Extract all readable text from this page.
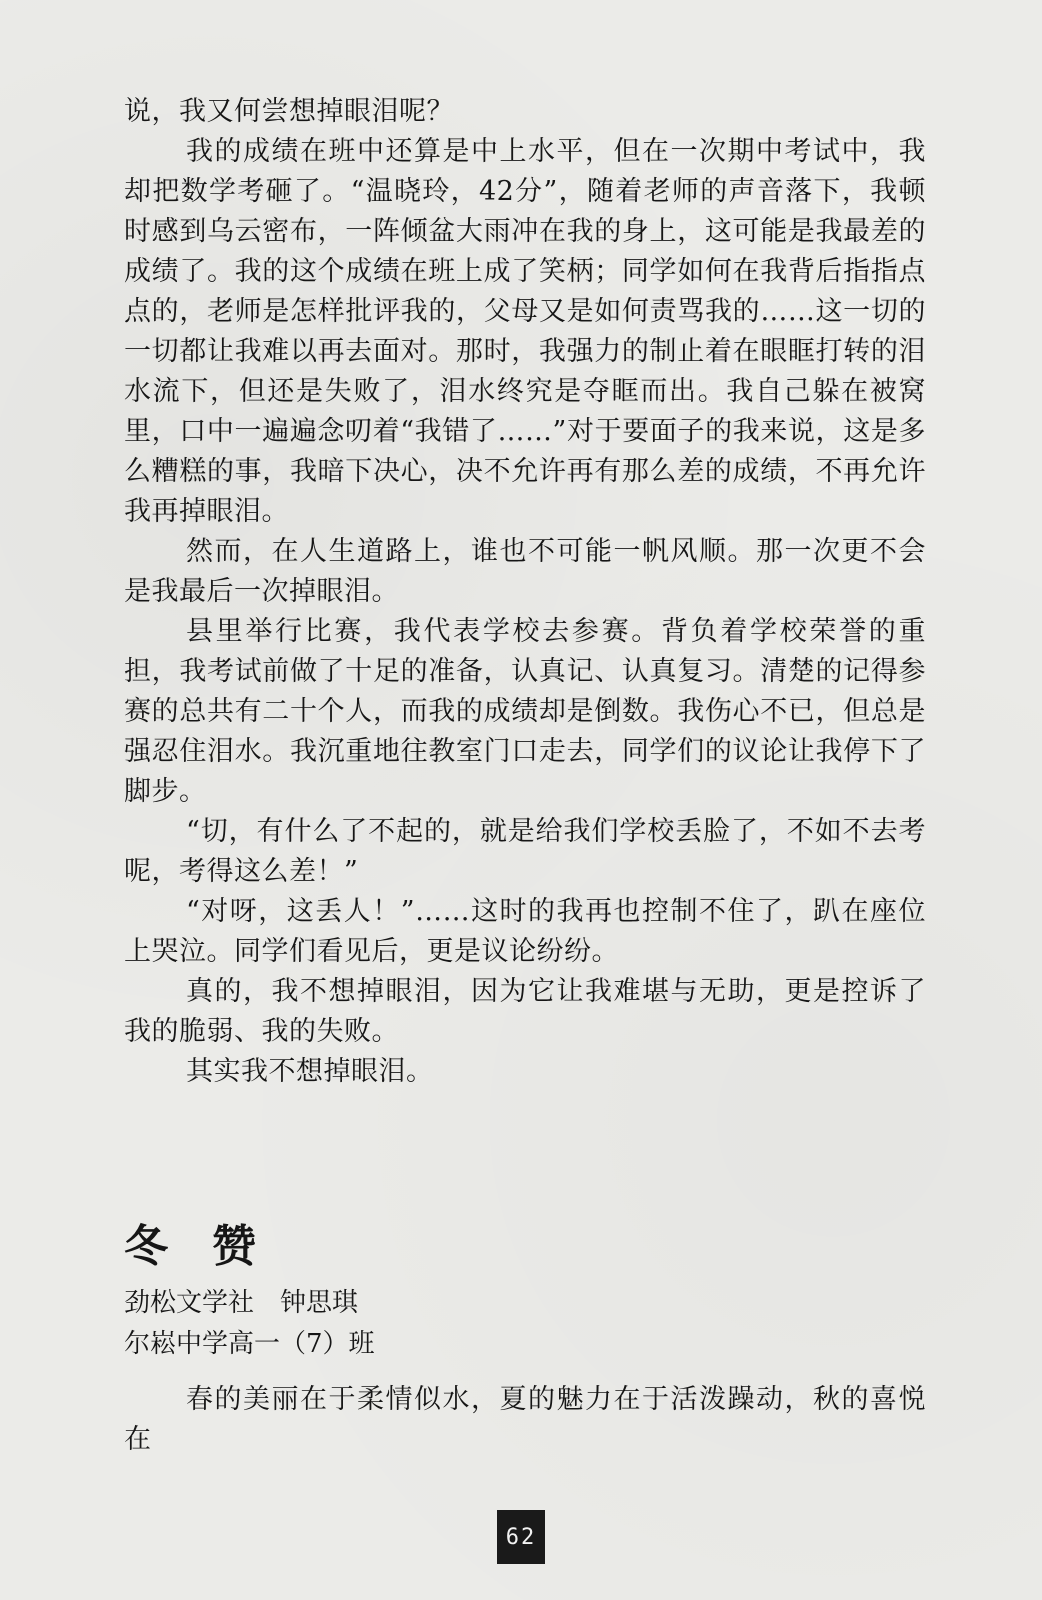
说，我又何尝想掉眼泪呢？

我的成绩在班中还算是中上水平，但在一次期中考试中，我却把数学考砸了。“温晓玲，42分”，随着老师的声音落下，我顿时感到乌云密布，一阵倾盆大雨冲在我的身上，这可能是我最差的成绩了。我的这个成绩在班上成了笑柄；同学如何在我背后指指点点的，老师是怎样批评我的，父母又是如何责骂我的……这一切的一切都让我难以再去面对。那时，我强力的制止着在眼眶打转的泪水流下，但还是失败了，泪水终究是夺眶而出。我自己躲在被窝里，口中一遍遍念叨着“我错了……”对于要面子的我来说，这是多么糟糕的事，我暗下决心，决不允许再有那么差的成绩，不再允许我再掉眼泪。

然而，在人生道路上，谁也不可能一帆风顺。那一次更不会是我最后一次掉眼泪。

县里举行比赛，我代表学校去参赛。背负着学校荣誉的重担，我考试前做了十足的准备，认真记、认真复习。清楚的记得参赛的总共有二十个人，而我的成绩却是倒数。我伤心不已，但总是强忍住泪水。我沉重地往教室门口走去，同学们的议论让我停下了脚步。

“切，有什么了不起的，就是给我们学校丢脸了，不如不去考呢，考得这么差！”

“对呀，这丢人！”……这时的我再也控制不住了，趴在座位上哭泣。同学们看见后，更是议论纷纷。

真的，我不想掉眼泪，因为它让我难堪与无助，更是控诉了我的脆弱、我的失败。

其实我不想掉眼泪。

冬赞

劲松文学社　钟思琪

尔崧中学高一（7）班

春的美丽在于柔情似水，夏的魅力在于活泼躁动，秋的喜悦在

62
